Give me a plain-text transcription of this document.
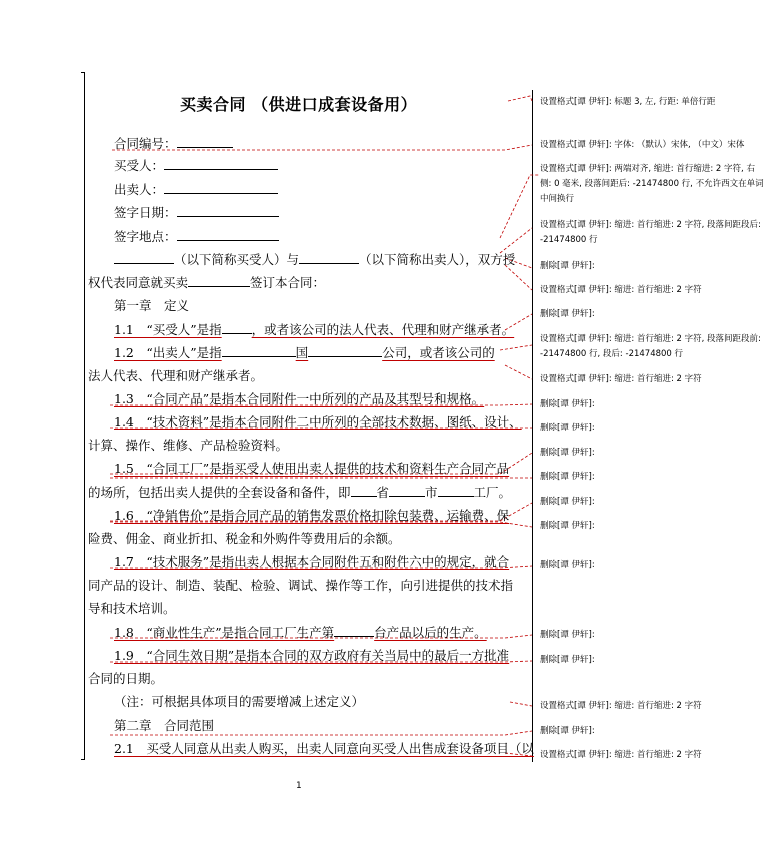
买卖合同 （供进口成套设备用）
合同编号：
买受人：
出卖人：
签字日期：
签字地点：
（以下简称买受人）与	（以下简称出卖人），双方授
权代表同意就买卖	签订本合同：
第一章　定义
1.1　“买受人”是指 ，或者该公司的法人代表、代理和财产继承者。
1.2　“出卖人”是指	国	公司，或者该公司的
法人代表、代理和财产继承者。
1.3　“合同产品”是指本合同附件一中所列的产品及其型号和规格。
1.4　“技术资料”是指本合同附件二中所列的全部技术数据、图纸、设计、
计算、操作、维修、产品检验资料。
1.5　“合同工厂”是指买受人使用出卖人提供的技术和资料生产合同产品
的场所，包括出卖人提供的全套设备和备件，即 省	市	工厂。
1.6　“净销售价”是指合同产品的销售发票价格扣除包装费、运输费、保
险费、佣金、商业折扣、税金和外购件等费用后的余额。
1.7　“技术服务”是指出卖人根据本合同附件五和附件六中的规定，就合
同产品的设计、制造、装配、检验、调试、操作等工作，向引进提供的技术指
导和技术培训。
1.8　“商业性生产”是指合同工厂生产第	台产品以后的生产。
1.9　“合同生效日期”是指本合同的双方政府有关当局中的最后一方批准
合同的日期。
（注：可根据具体项目的需要增减上述定义）
第二章　合同范围
2.1　买受人同意从出卖人购买，出卖人同意向买受人出售成套设备项目（以
设置格式[谭 伊轩]: 标题 3, 左, 行距: 单倍行距
设置格式[谭 伊轩]: 字体: （默认）宋体, （中文）宋体
设置格式[谭 伊轩]: 两端对齐, 缩进: 首行缩进: 2 字符, 右侧: 0 毫米, 段落间距后: -21474800 行, 不允许西文在单词中间换行
设置格式[谭 伊轩]: 缩进: 首行缩进: 2 字符, 段落间距段后: -21474800 行
删除[谭 伊轩]:
设置格式[谭 伊轩]: 缩进: 首行缩进: 2 字符
删除[谭 伊轩]:
设置格式[谭 伊轩]: 缩进: 首行缩进: 2 字符, 段落间距段前: -21474800 行, 段后: -21474800 行
设置格式[谭 伊轩]: 缩进: 首行缩进: 2 字符
删除[谭 伊轩]:
删除[谭 伊轩]:
删除[谭 伊轩]:
删除[谭 伊轩]:
删除[谭 伊轩]:
删除[谭 伊轩]:
删除[谭 伊轩]:
删除[谭 伊轩]:
删除[谭 伊轩]:
设置格式[谭 伊轩]: 缩进: 首行缩进: 2 字符
删除[谭 伊轩]:
设置格式[谭 伊轩]: 缩进: 首行缩进: 2 字符
1
